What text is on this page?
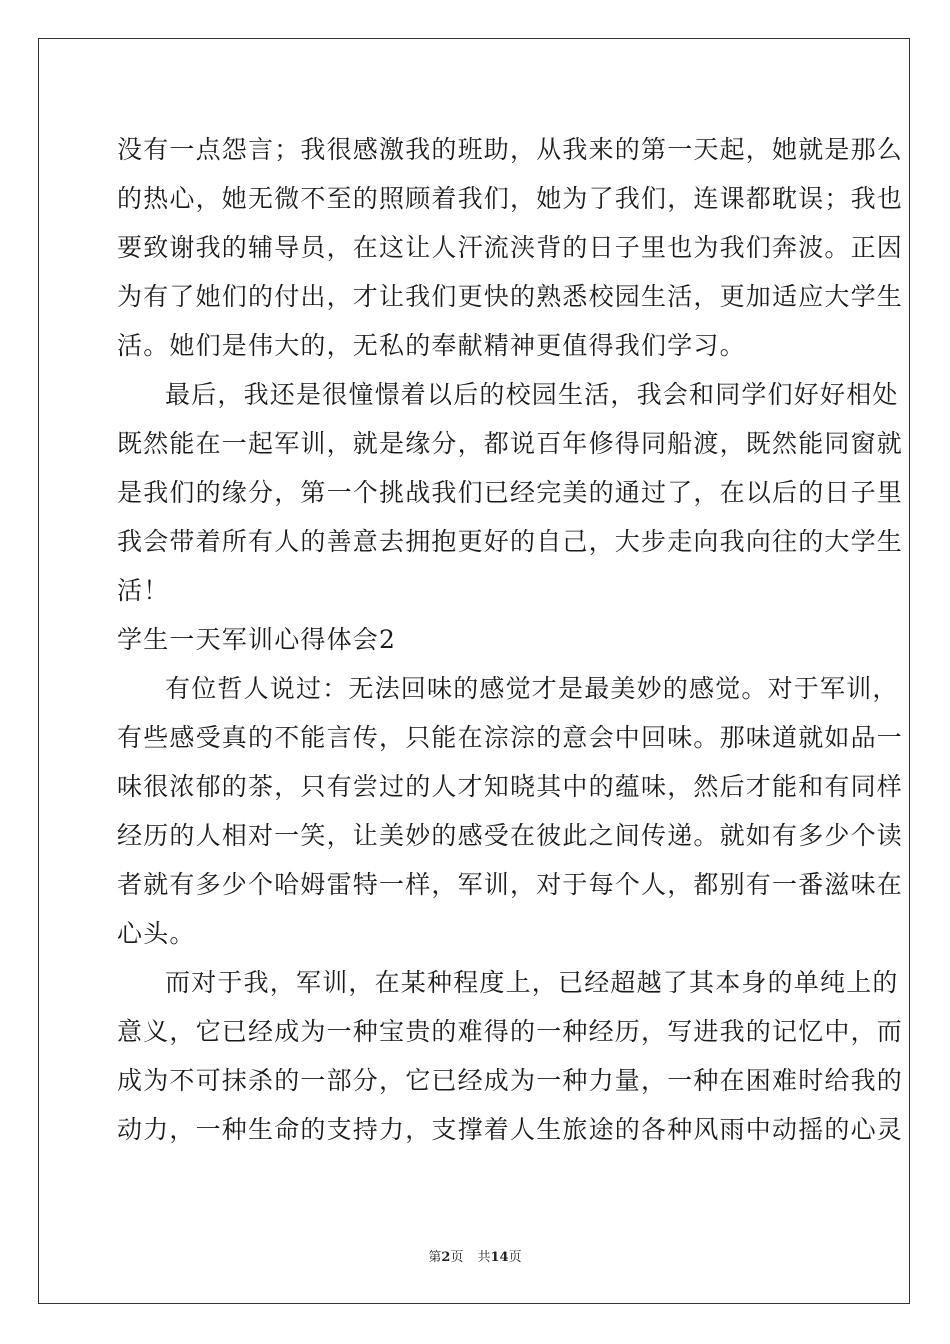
没有一点怨言；我很感激我的班助，从我来的第一天起，她就是那么
的热心，她无微不至的照顾着我们，她为了我们，连课都耽误；我也
要致谢我的辅导员，在这让人汗流浃背的日子里也为我们奔波。正因
为有了她们的付出，才让我们更快的熟悉校园生活，更加适应大学生
活。她们是伟大的，无私的奉献精神更值得我们学习。
最后，我还是很憧憬着以后的校园生活，我会和同学们好好相处
既然能在一起军训，就是缘分，都说百年修得同船渡，既然能同窗就
是我们的缘分，第一个挑战我们已经完美的通过了，在以后的日子里
我会带着所有人的善意去拥抱更好的自己，大步走向我向往的大学生
活！
学生一天军训心得体会2
有位哲人说过：无法回味的感觉才是最美妙的感觉。对于军训，
有些感受真的不能言传，只能在淙淙的意会中回味。那味道就如品一
味很浓郁的茶，只有尝过的人才知晓其中的蕴味，然后才能和有同样
经历的人相对一笑，让美妙的感受在彼此之间传递。就如有多少个读
者就有多少个哈姆雷特一样，军训，对于每个人，都别有一番滋味在
心头。
而对于我，军训，在某种程度上，已经超越了其本身的单纯上的
意义，它已经成为一种宝贵的难得的一种经历，写进我的记忆中，而
成为不可抹杀的一部分，它已经成为一种力量，一种在困难时给我的
动力，一种生命的支持力，支撑着人生旅途的各种风雨中动摇的心灵
第2页 共14页
